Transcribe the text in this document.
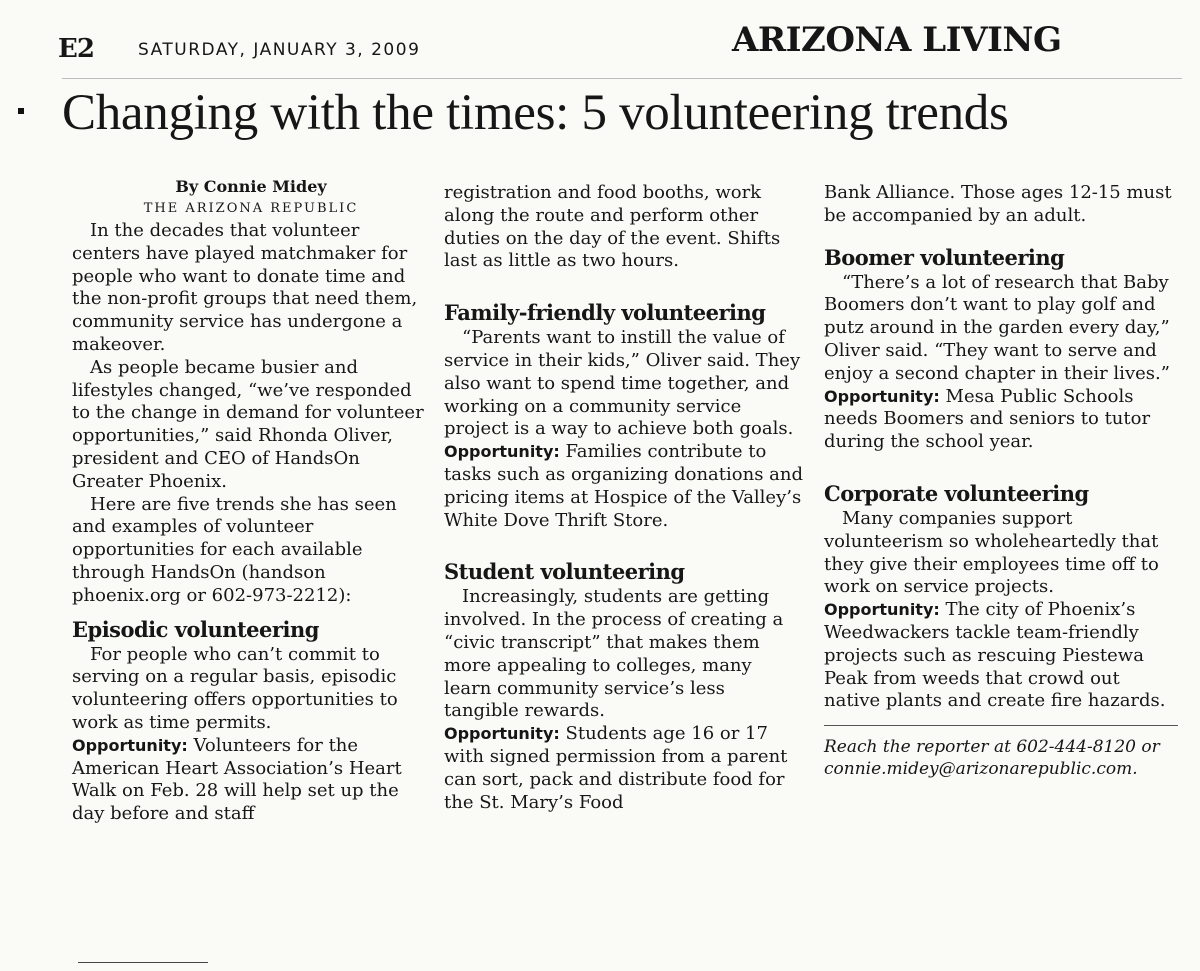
E2	SATURDAY, JANUARY 3, 2009	ARIZONA LIVING
Changing with the times: 5 volunteering trends

By Connie Midey

THE ARIZONA REPUBLIC

In the decades that volunteer centers have played matchmaker for people who want to donate time and the non-profit groups that need them, community service has undergone a makeover.

As people became busier and lifestyles changed, “we’ve responded to the change in demand for volunteer opportunities,” said Rhonda Oliver, president and CEO of HandsOn Greater Phoenix.

Here are five trends she has seen and examples of volunteer opportunities for each available through HandsOn (handson phoenix.org or 602-973-2212):

Episodic volunteering

For people who can’t commit to serving on a regular basis, episodic volunteering offers opportunities to work as time permits.

Opportunity: Volunteers for the American Heart Association’s Heart Walk on Feb. 28 will help set up the day before and staff

registration and food booths, work along the route and perform other duties on the day of the event. Shifts last as little as two hours.

Family-friendly volunteering

“Parents want to instill the value of service in their kids,” Oliver said. They also want to spend time together, and working on a community service project is a way to achieve both goals.

Opportunity: Families contribute to tasks such as organizing donations and pricing items at Hospice of the Valley’s White Dove Thrift Store.

Student volunteering

Increasingly, students are getting involved. In the process of creating a “civic transcript” that makes them more appealing to colleges, many learn community service’s less tangible rewards.

Opportunity: Students age 16 or 17 with signed permission from a parent can sort, pack and distribute food for the St. Mary’s Food

Bank Alliance. Those ages 12-15 must be accompanied by an adult.

Boomer volunteering

“There’s a lot of research that Baby Boomers don’t want to play golf and putz around in the garden every day,” Oliver said. “They want to serve and enjoy a second chapter in their lives.”

Opportunity: Mesa Public Schools needs Boomers and seniors to tutor during the school year.

Corporate volunteering

Many companies support volunteerism so wholeheartedly that they give their employees time off to work on service projects.

Opportunity: The city of Phoenix’s Weedwackers tackle team-friendly projects such as rescuing Piestewa Peak from weeds that crowd out native plants and create fire hazards.

Reach the reporter at 602-444-8120 or connie.midey@arizonarepublic.com.
